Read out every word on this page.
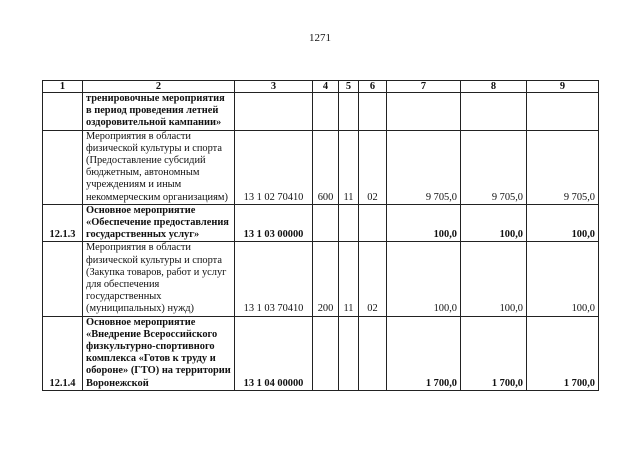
1271
1	2	3	4	5	6	7	8	9
	тренировочные мероприятия в период проведения летней оздоровительной кампании»							
	Мероприятия в области физической культуры и спорта (Предоставление субсидий бюджетным, автономным учреждениям и иным некоммерческим организациям)	13 1 02 70410	600	11	02	9 705,0	9 705,0	9 705,0
12.1.3	Основное мероприятие «Обеспечение предоставления государственных услуг»	13 1 03 00000				100,0	100,0	100,0
	Мероприятия в области физической культуры и спорта (Закупка товаров, работ и услуг для обеспечения государственных (муниципальных) нужд)	13 1 03 70410	200	11	02	100,0	100,0	100,0
12.1.4	Основное мероприятие «Внедрение Всероссийского физкультурно-спортивного комплекса «Готов к труду и обороне» (ГТО) на территории Воронежской	13 1 04 00000				1 700,0	1 700,0	1 700,0
